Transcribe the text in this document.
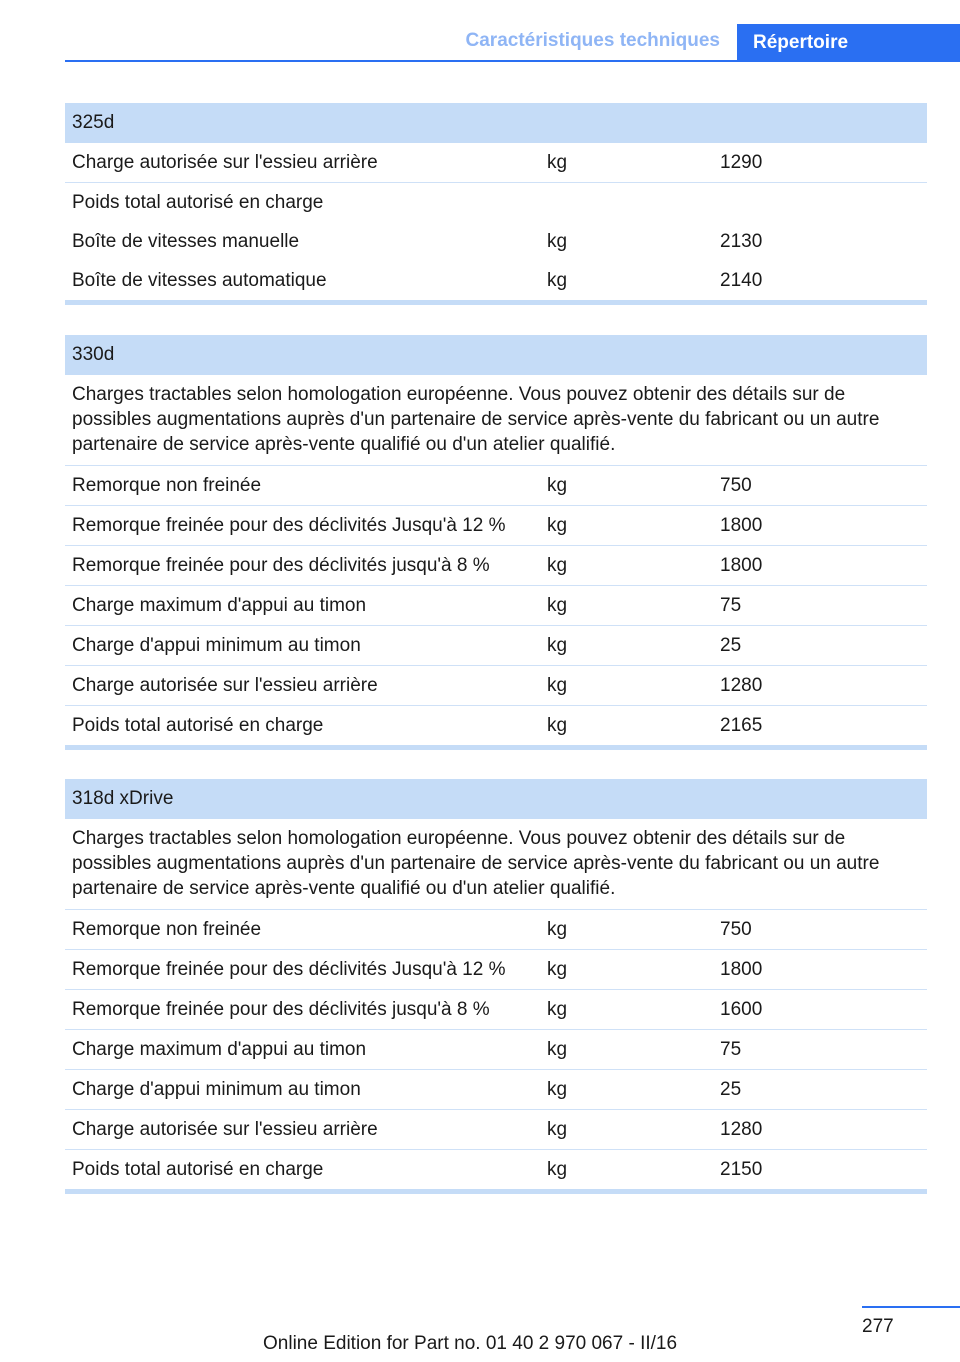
Caractéristiques techniques	Répertoire
325d
Charge autorisée sur l'essieu arrière	kg	1290
Poids total autorisé en charge
Boîte de vitesses manuelle	kg	2130
Boîte de vitesses automatique	kg	2140
330d
Charges tractables selon homologation européenne. Vous pouvez obtenir des détails sur de possibles augmentations auprès d'un partenaire de service après-vente du fabricant ou un autre partenaire de service après-vente qualifié ou d'un atelier qualifié.
Remorque non freinée	kg	750
Remorque freinée pour des déclivités Jusqu'à 12 %	kg	1800
Remorque freinée pour des déclivités jusqu'à 8 %	kg	1800
Charge maximum d'appui au timon	kg	75
Charge d'appui minimum au timon	kg	25
Charge autorisée sur l'essieu arrière	kg	1280
Poids total autorisé en charge	kg	2165
318d xDrive
Charges tractables selon homologation européenne. Vous pouvez obtenir des détails sur de possibles augmentations auprès d'un partenaire de service après-vente du fabricant ou un autre partenaire de service après-vente qualifié ou d'un atelier qualifié.
Remorque non freinée	kg	750
Remorque freinée pour des déclivités Jusqu'à 12 %	kg	1800
Remorque freinée pour des déclivités jusqu'à 8 %	kg	1600
Charge maximum d'appui au timon	kg	75
Charge d'appui minimum au timon	kg	25
Charge autorisée sur l'essieu arrière	kg	1280
Poids total autorisé en charge	kg	2150
277
Online Edition for Part no. 01 40 2 970 067 - II/16
